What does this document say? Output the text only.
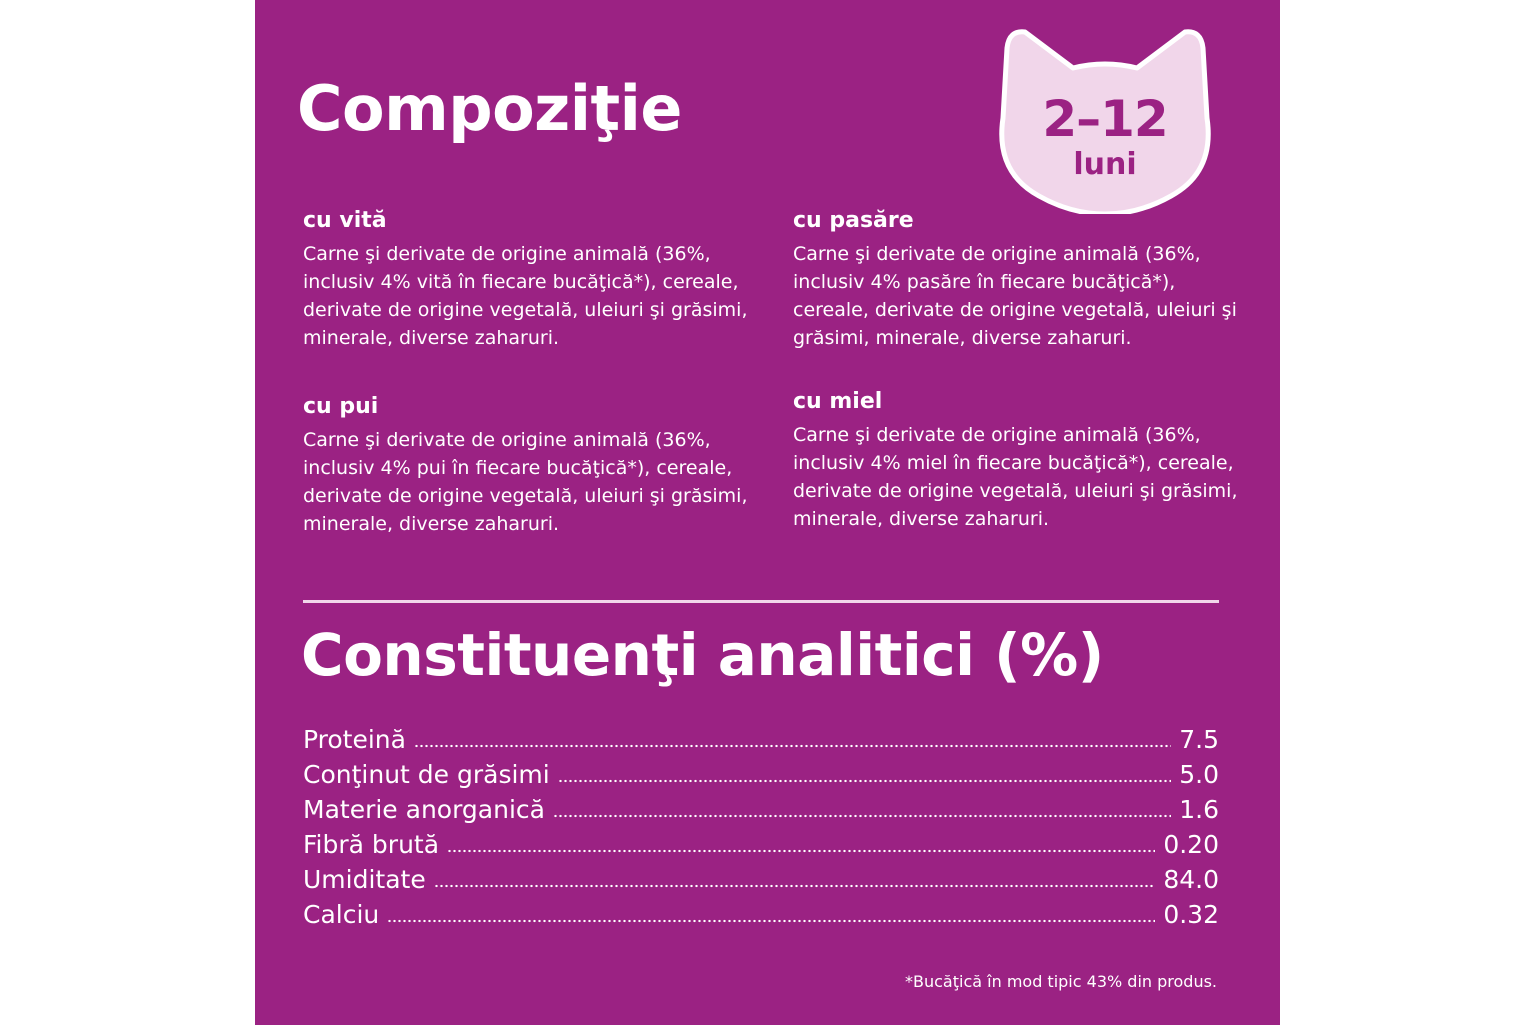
Compoziţie	2–12
luni
cu vită

Carne şi derivate de origine animală (36%, inclusiv 4% vită în fiecare bucăţică*), cereale, derivate de origine vegetală, uleiuri şi grăsimi, minerale, diverse zaharuri.

cu pasăre

Carne şi derivate de origine animală (36%, inclusiv 4% pasăre în fiecare bucăţică*), cereale, derivate de origine vegetală, uleiuri şi grăsimi, minerale, diverse zaharuri.

cu pui

Carne şi derivate de origine animală (36%, inclusiv 4% pui în fiecare bucăţică*), cereale, derivate de origine vegetală, uleiuri şi grăsimi, minerale, diverse zaharuri.

cu miel

Carne şi derivate de origine animală (36%, inclusiv 4% miel în fiecare bucăţică*), cereale, derivate de origine vegetală, uleiuri şi grăsimi, minerale, diverse zaharuri.

Constituenţi analitici (%)
Proteină	7.5
Conţinut de grăsimi	5.0
Materie anorganică	1.6
Fibră brută	0.20
Umiditate	84.0
Calciu	0.32
*Bucăţică în mod tipic 43% din produs.
